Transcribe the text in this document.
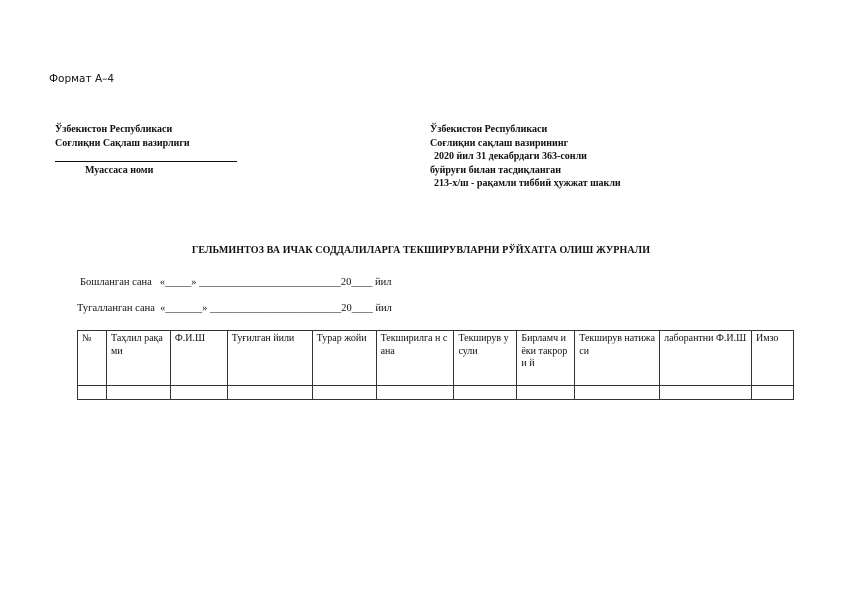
Формат А–4
Ўзбекистон Республикаси
Соғлиқни Сақлаш вазирлиги
Муассаса номи
Ўзбекистон Республикаси
Соғлиқни сақлаш вазирининг
2020 йил 31 декабрдаги 363-сонли
буйруғи билан тасдиқланган
213-х/ш - рақамли тиббий ҳужжат шакли
ГЕЛЬМИНТОЗ ВА ИЧАК СОДДАЛИЛАРГА ТЕКШИРУВЛАРНИ РЎЙХАТГА ОЛИШ ЖУРНАЛИ
Бошланган сана «_____» ___________________________20____ йил
Тугалланган сана «_______» _________________________20____ йил
№	Таҳлил рақами	Ф.И.Ш	Туғилган йили	Турар жойи	Текширилга н сана	Текширув усули	Бирламч и ёки такрори й	Текширув натижаси	лаборантни Ф.И.Ш	Имзо
